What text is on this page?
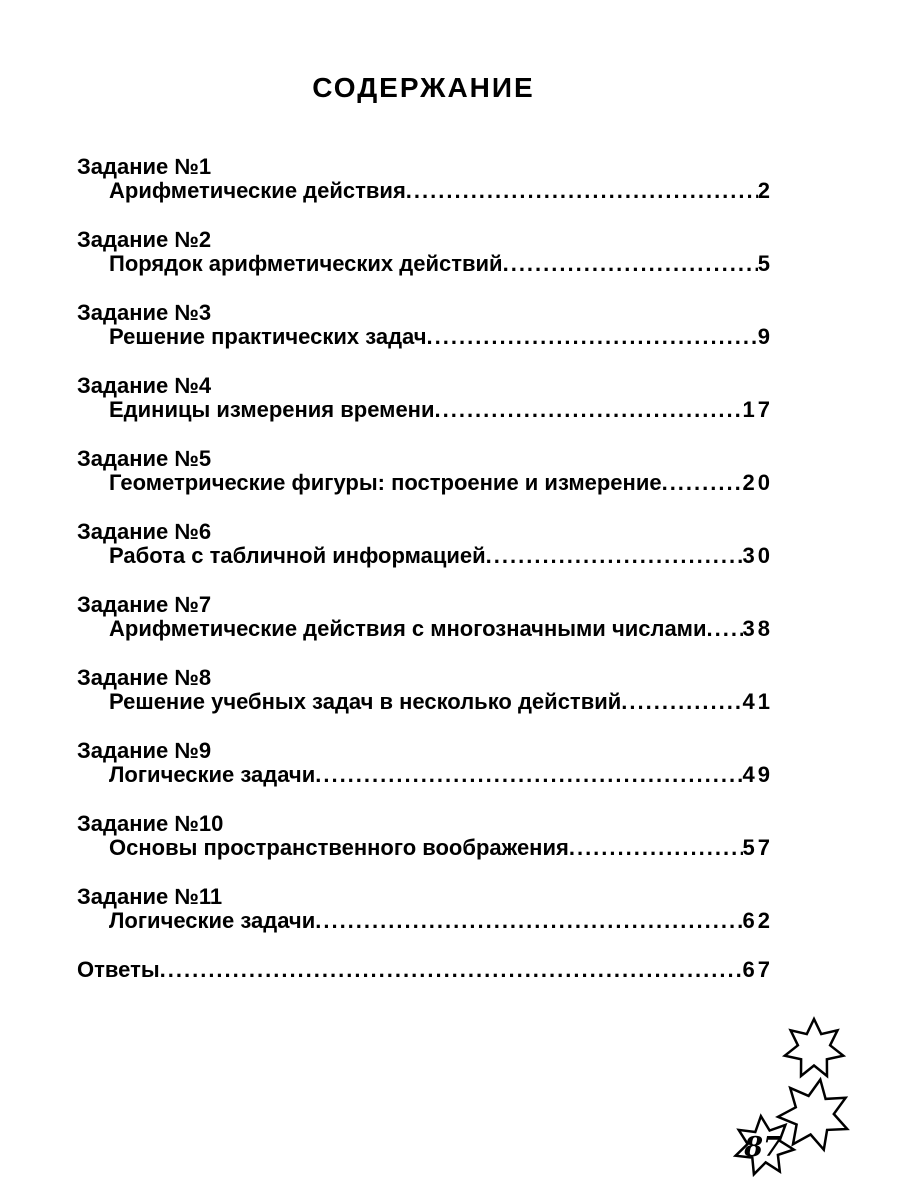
СОДЕРЖАНИЕ
Задание №1
Арифметические действия .....	2
Задание №2
Порядок арифметических действий .....	5
Задание №3
Решение практических задач .....	9
Задание №4
Единицы измерения времени .....	17
Задание №5
Геометрические фигуры: построение и измерение .....	20
Задание №6
Работа с табличной информацией .....	30
Задание №7
Арифметические действия с многозначными числами ..... 38
Задание №8
Решение учебных задач в несколько действий .....	41
Задание №9
Логические задачи .....	49
Задание №10
Основы пространственного воображения .....	57
Задание №11
Логические задачи .....	62
Ответы .....	67
87
